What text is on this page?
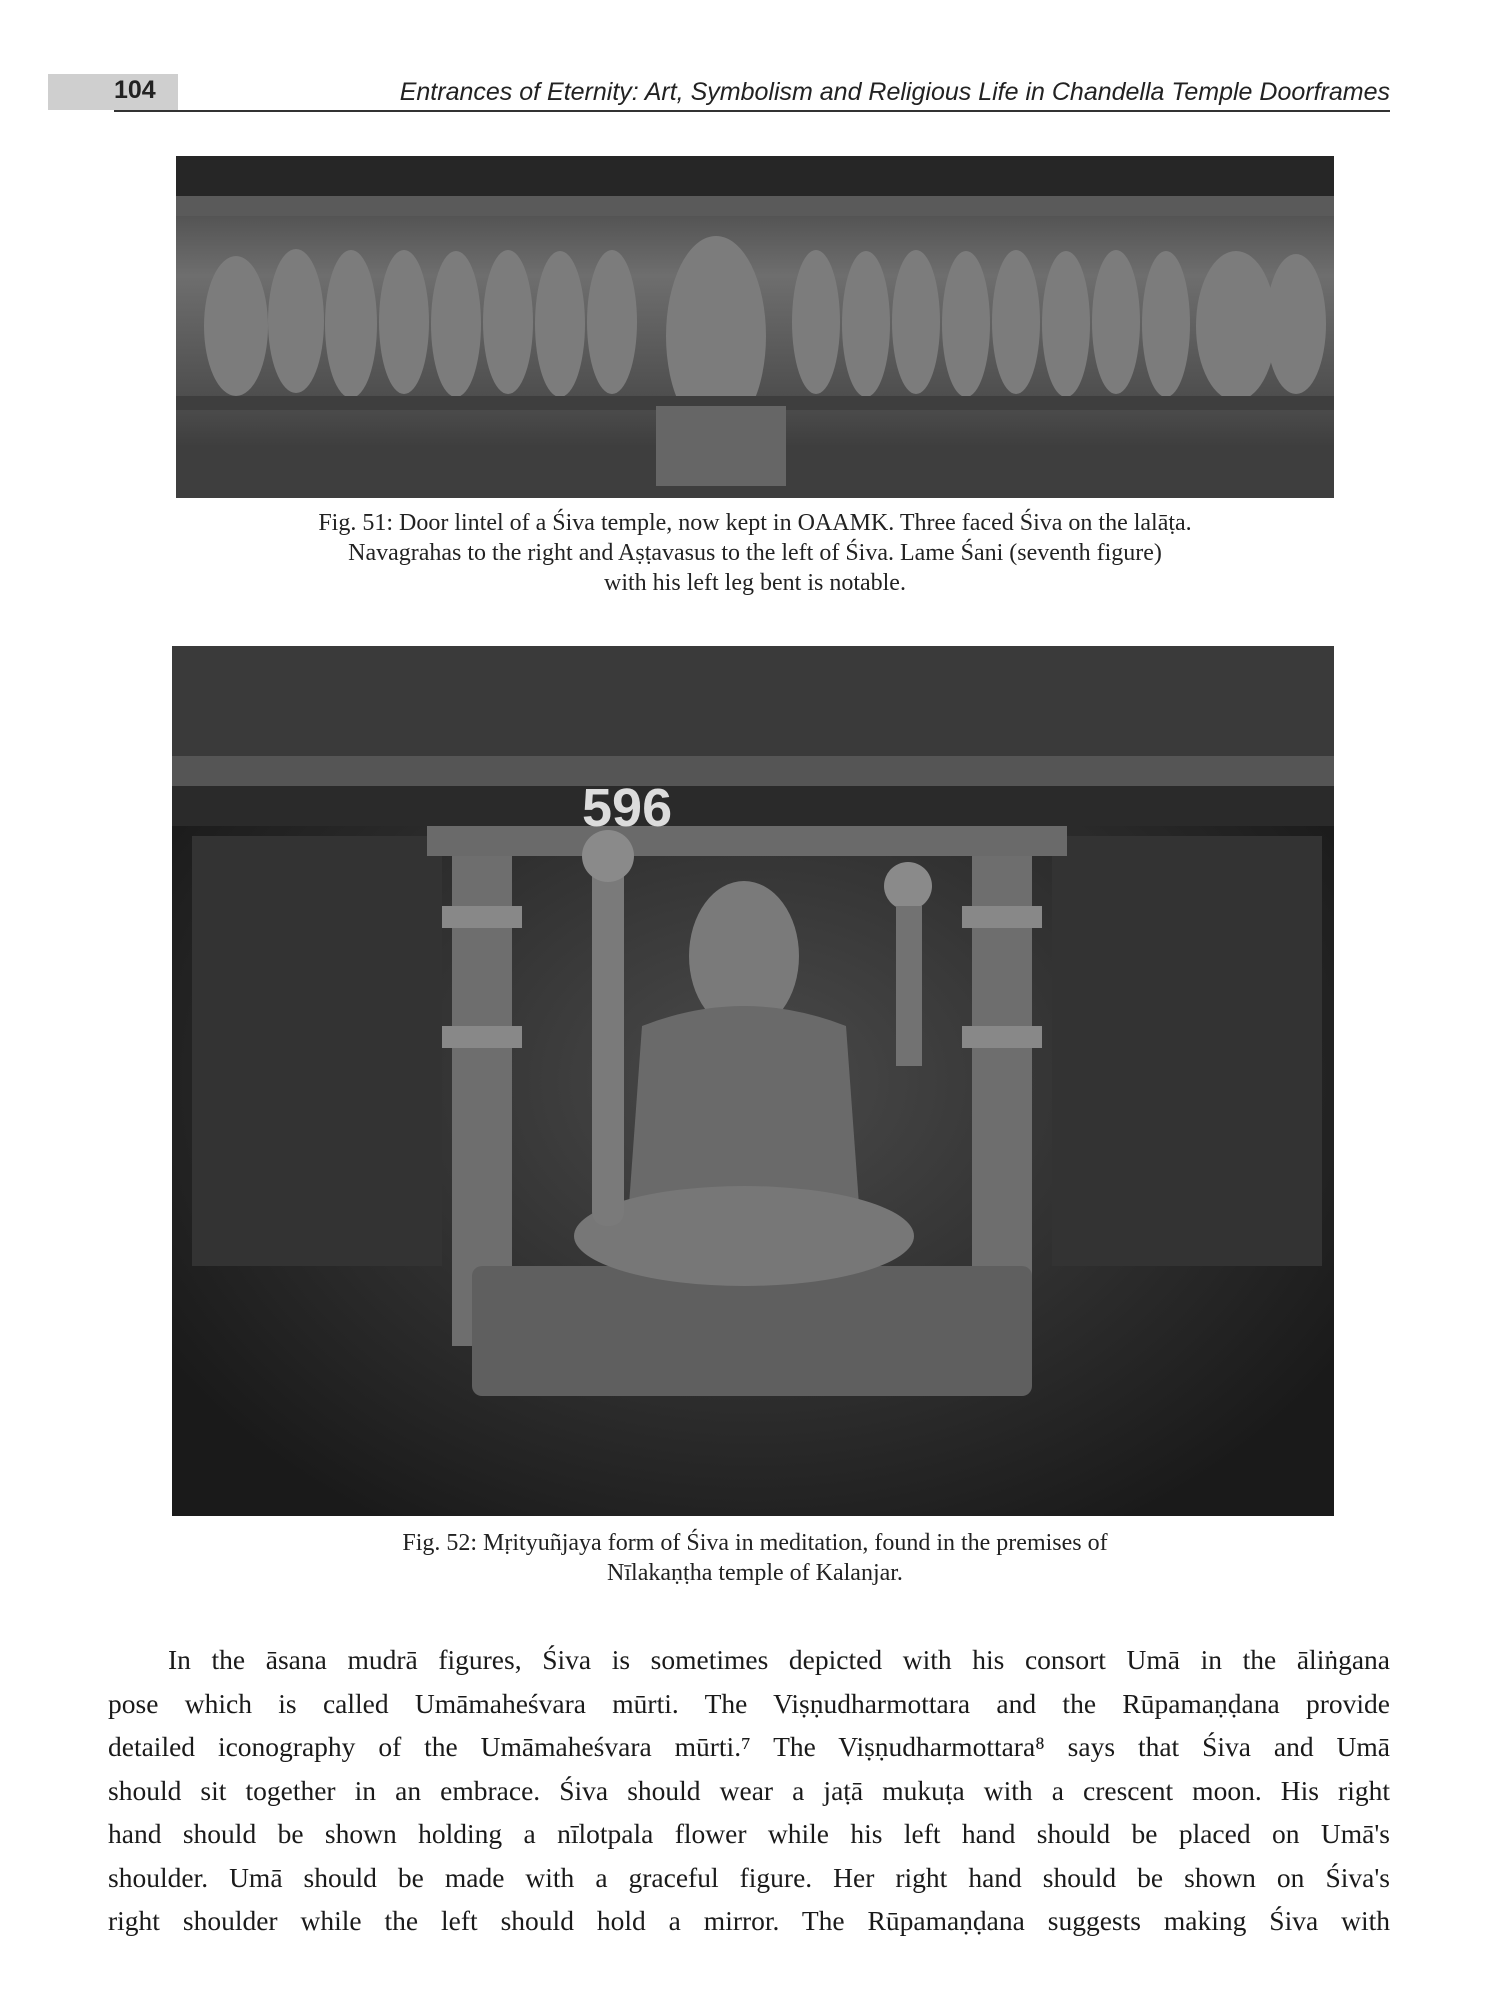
104	Entrances of Eternity: Art, Symbolism and Religious Life in Chandella Temple Doorframes
Fig. 51: Door lintel of a Śiva temple, now kept in OAAMK. Three faced Śiva on the lalāṭa.
Navagrahas to the right and Aṣṭavasus to the left of Śiva. Lame Śani (seventh figure)
with his left leg bent is notable.
596
Fig. 52: Mṛityuñjaya form of Śiva in meditation, found in the premises of
Nīlakaṇṭha temple of Kalanjar.
In the āsana mudrā figures, Śiva is sometimes depicted with his consort Umā in the āliṅgana
pose which is called Umāmaheśvara mūrti. The Viṣṇudharmottara and the Rūpamaṇḍana provide
detailed iconography of the Umāmaheśvara mūrti.⁷ The Viṣṇudharmottara⁸ says that Śiva and Umā
should sit together in an embrace. Śiva should wear a jaṭā mukuṭa with a crescent moon. His right
hand should be shown holding a nīlotpala flower while his left hand should be placed on Umā's
shoulder. Umā should be made with a graceful figure. Her right hand should be shown on Śiva's
right shoulder while the left should hold a mirror. The Rūpamaṇḍana suggests making Śiva with
